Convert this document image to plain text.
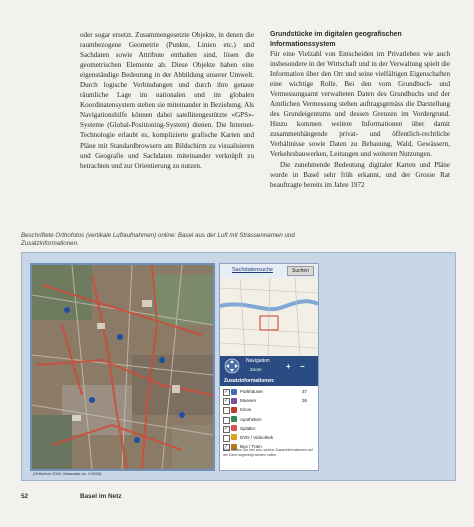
oder sogar ersetzt. Zusammengesetzte Objekte, in denen die raumbezogene Geometrie (Punkte, Linien etc.) und Sachdaten sowie Attribute enthalten sind, lösen die geometrischen Elemente ab. Diese Objekte haben eine eigenständige Bedeutung in der Abbildung unserer Umwelt. Durch logische Verbindungen und durch ihre genaue räumliche Lage im nationalen und im globalen Koordinatensystem stehen sie miteinander in Beziehung. Als Navigationshilfe können dabei satellitengestützte «GPS»-Systeme (Global-Positioning-System) dienen. Die Internet-Technologie erlaubt es, komplizierte grafische Karten und Pläne mit Standardbrowsern am Bildschirm zu visualisieren und Geografie und Sachdaten miteinander verknüpft zu betrachten und zur Orientierung zu nutzen.

Grundstücke im digitalen geografischen Informationssystem

Für eine Vielzahl von Entscheiden im Privatleben wie auch insbesondere in der Wirtschaft und in der Verwaltung spielt die Information über den Ort und seine vielfältigen Eigenschaften eine wichtige Rolle. Bei den vom Grundbuch- und Vermessungsamt verwalteten Daten des Grundbuchs und der Amtlichen Vermessung stehen auftragsgemäss die Darstellung des Grundeigentums und dessen Grenzen im Vordergrund. Hinzu kommen weitere Informationen über damit zusammenhängende privat- und öffentlich-rechtliche Verhältnisse sowie Daten zu Bebauung, Wald, Gewässern, Verkehrsbauwerken, Leitungen und weiteren Nutzungen.

Die zunehmende Bedeutung digitaler Karten und Pläne wurde in Basel sehr früh erkannt, und der Grosse Rat beauftragte bereits im Jahre 1972

Beschriftete Orthofotos (vertikale Luftaufnahmen) online: Basel aus der Luft mit Strassennamen und Zusatzinformationen.
(Orthofoto 2002, Massstab ca. 1:5000)
Sachdatensuche	Suchen
Navigation
Zoom	+ −
Zusatzinformationen:
✓
Parkhäuser	37
✓
Museen	36
Kinos
Apotheken
✓
Spitäler
DVD / Videothek
✓
Bus / Tram
Bitte wählen Sie hier aus, welche Zusatzinformationen auf der Karte angezeigt werden sollen.
52	Basel im Netz
